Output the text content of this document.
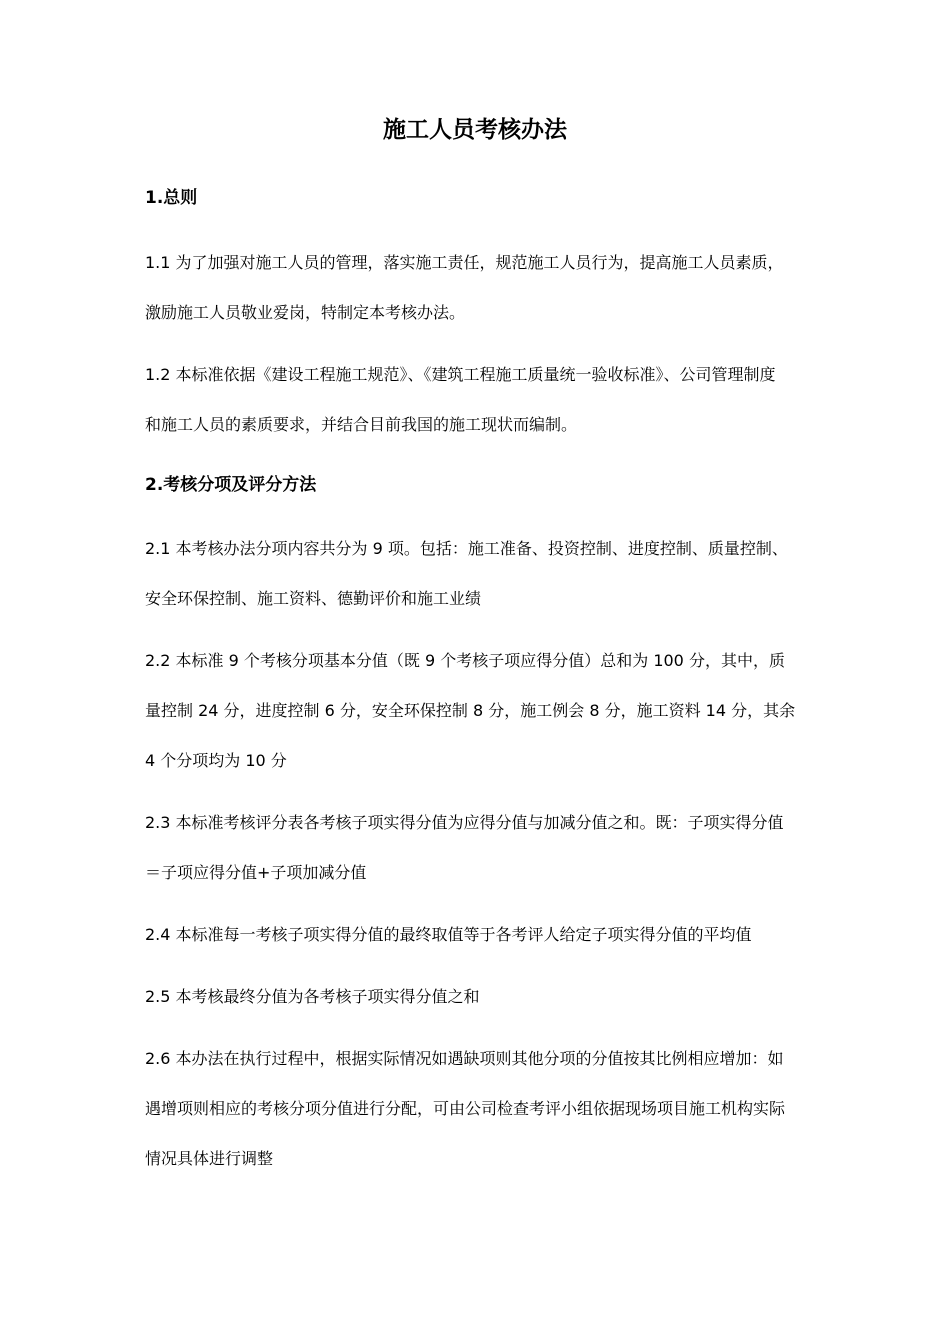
施工人员考核办法
1.总则

1.1 为了加强对施工人员的管理，落实施工责任，规范施工人员行为，提高施工人员素质，

激励施工人员敬业爱岗，特制定本考核办法。

1.2 本标准依据《建设工程施工规范》、《建筑工程施工质量统一验收标准》、公司管理制度

和施工人员的素质要求，并结合目前我国的施工现状而编制。

2.考核分项及评分方法

2.1 本考核办法分项内容共分为 9 项。包括：施工准备、投资控制、进度控制、质量控制、

安全环保控制、施工资料、德勤评价和施工业绩

2.2 本标准 9 个考核分项基本分值（既 9 个考核子项应得分值）总和为 100 分，其中，质

量控制 24 分，进度控制 6 分，安全环保控制 8 分，施工例会 8 分，施工资料 14 分，其余

4 个分项均为 10 分

2.3 本标准考核评分表各考核子项实得分值为应得分值与加减分值之和。既：子项实得分值

＝子项应得分值+子项加减分值

2.4 本标准每一考核子项实得分值的最终取值等于各考评人给定子项实得分值的平均值

2.5 本考核最终分值为各考核子项实得分值之和

2.6 本办法在执行过程中，根据实际情况如遇缺项则其他分项的分值按其比例相应增加：如

遇增项则相应的考核分项分值进行分配，可由公司检查考评小组依据现场项目施工机构实际

情况具体进行调整
